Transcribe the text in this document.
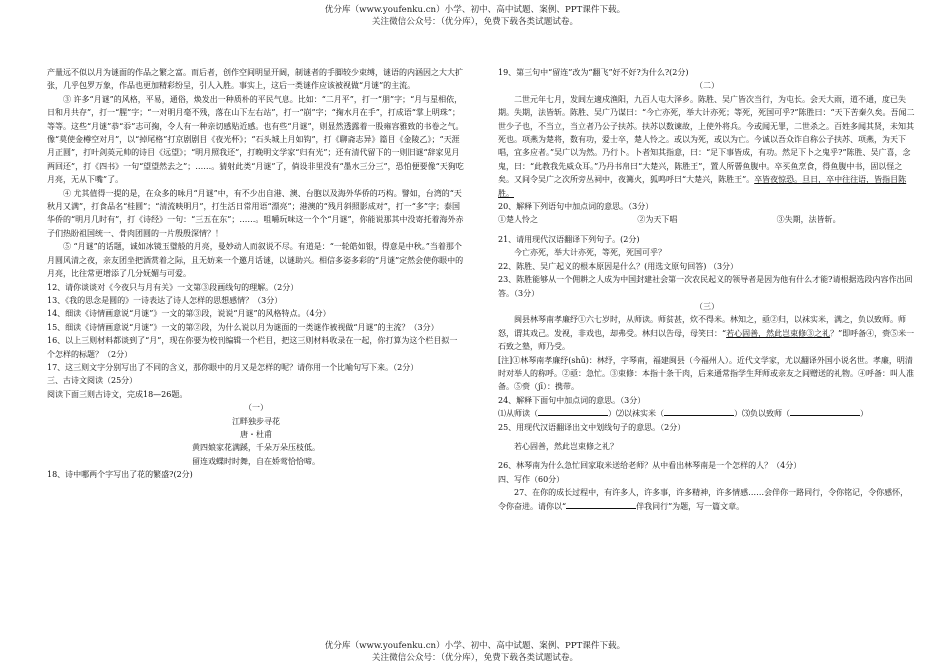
优分库（www.youfenku.cn）小学、初中、高中试题、案例、PPT课件下载。
关注微信公众号：（优分库），免费下载各类试题试卷。

产量远不似以月为谜面的作品之繁之富。而后者，创作空间明显开阔，制谜者的手脚较少束缚，谜语的内涵因之大大扩张，几乎包罗万象，作品也更加精彩纷呈，引人入胜。事实上，这后一类谜作应该被视做“月谜”的主流。

③ 许多“月谜”的风格，平易，通俗，焕发出一种质朴的平民气息。比如：“二月平”，打一“朋”字；“月与星相依，日和月共存”，打一“腥”字；“一对明月毫不残，落在山下左右站”，打一“崩”字；“掬水月在手”，打成语“掌上明珠”；等等。这些“月谜”恭“忝”志可掬，令人有一种亲切感贴近感。也有些“月谜”，则显然透露着一股雍容雅致的书卷之气。像“莫使金樽空对月”，以“掉尾格”打京剧剧目《夜光杯》；“石头城上月如钩”，打《聊斋志异》篇目《金陵乙》；“天涯月正圆”，打叶剑英元帅的诗目《远望》；“明月照我还”，打晚明文学家“归有光”；还有清代留下的一则旧谜“辞家见月两回还”，打《四书》一句“望望然去之”；……。猜射此类“月谜”了，倘设非里没有“墨水三分三”，恐怕便要像“天狗吃月亮，无从下嘴”了。

④ 尤其值得一提的是，在众多的咏月“月谜”中，有不少出自港、澳、台胞以及海外华侨的巧构。譬如，台湾的“天秋月又满”，打食品名“桂圆”；“清流映明月”，打生活日常用语“漂亮”；港澳的“残月斜照影成对”，打一“多”字；泰国华侨的“明月几时有”，打《诗经》一句：“三五在东”；……。咀嚼玩味这一个个“月谜”，你能说那其中没寄托着海外赤子们热盼祖国统一、骨肉团圆的一片殷殷深情？！

⑤ “月谜”的话题，诚如冰镜玉璧般的月亮，曼妙动人而叙说不尽。有道是：“一轮皓如银，得意是中秋。”当着那个月圆风清之夜，亲友团坐把酒赏着之际，且无妨来一个邀月话谜，以谜助兴。相信多姿多彩的“月谜”定然会使你眼中的月亮，比往常更增添了几分妩媚与可爱。

12、请你谈谈对《今夜只与月有关》一文第③段画线句的理解。（2分）

13、《我的思念是圆的》一诗表达了诗人怎样的思想感情？（3分）

14、细读《诗情画意说“月谜”》一文的第③段，说说“月谜”的风格特点。（4分）

15、细读《诗情画意说“月谜”》一文的第②段，为什么说以月为谜面的一类谜作被视做“月谜”的主流？（3分）

16、以上三则材料都谈到了“月”，现在你要为校刊编辑一个栏目，把这三则材料收录在一起，你打算为这个栏目拟一个怎样的标题？（2分）

17、这三则文字分别写出了不同的含义，那你眼中的月又是怎样的呢？请你用一个比喻句写下来。（2分）

三、古诗文阅读（25分）

阅读下面三则古诗文，完成18—26题。

（一）

江畔独步寻花

唐・杜甫

黄四娘家花满蹊，千朵万朵压枝低。

留连戏蝶时时舞，自在娇莺恰恰啼。

18、诗中哪两个字写出了花的繁盛?(2分)

19、第三句中“留连”改为“翻飞”好不好?为什么?(2分)

（二）

二世元年七月，发闾左適戍渔阳，九百人屯大泽乡。陈胜、吴广皆次当行，为屯长。会天大雨，道不通，度已失期。失期，法皆斩。陈胜、吴广乃谋曰：“今亡亦死，举大计亦死；等死，死国可乎?”陈胜曰：“天下苦秦久矣。吾闻二世少子也，不当立，当立者乃公子扶苏。扶苏以数谏故，上使外将兵。今或闻无罪，二世杀之。百姓多闻其贤，未知其死也。项燕为楚将，数有功，爱士卒，楚人怜之。或以为死，或以为亡。今诚以吾众诈自称公子扶苏、项燕，为天下唱，宜多应者。”吴广以为然。乃行卜。卜者知其指意，曰：“足下事皆成，有功。然足下卜之鬼乎?”陈胜、吴广喜，念鬼，曰：“此教我先威众耳。”乃丹书帛曰“大楚兴，陈胜王”，置人所罾鱼腹中。卒买鱼烹食，得鱼腹中书，固以怪之矣。又间令吴广之次所旁丛祠中，夜篝火，狐鸣呼曰“大楚兴，陈胜王”。卒皆夜惊恐。旦日，卒中往往语，皆指目陈胜。

20、解释下列语句中加点词的意思。（3分）

①楚人怜之	②为天下唱	③失期，法皆斩。

21、请用现代汉语翻译下列句子。(2分)

今亡亦死，举大计亦死，等死，死国可乎？

22、陈胜、吴广起义的根本原因是什么？(用选文原句回答) （3分）

23、陈胜能够从一个佣耕之人成为中国封建社会第一次农民起义的领导者是因为他有什么才能?请根据选段内容作出回答。（3分）

（三）

闽县林琴南孝廉纾①六七岁时，从师读。师贫甚，炊不得米。林知之，亟②归，以袜实米，满之，负以致师。师怒，谓其戏己。发视，非戏也，却弗受。林归以告母，母笑曰：“若心固善，然此岂束修③之礼？”即呼备④，赍⑤米一石致之塾，师乃受。

[注]①林琴南孝廉纾(shū)：林纾，字琴南，福建闽县（今福州人）。近代文学家，尤以翻译外国小说名世。孝廉，明清时对举人的称呼。②亟：急忙。③束修：本指十条干肉，后来通常指学生拜师或亲友之间赠送的礼物。④呼备：叫人准备。⑤赍（jī）：携带。

24、解释下面句中加点词的意思。（3分）

⑴从师读（	）⑵以袜实米（	）⑶负以致师（	）

25、用现代汉语翻译出文中划线句子的意思。（2分）

若心固善，然此岂束修之礼？

26、林琴南为什么急忙回家取米送给老师？从中看出林琴南是一个怎样的人？（4分）

四、写作（60分）

27、在你的成长过程中，有许多人，许多事，许多精神，许多情感……会伴你一路同行，令你铭记，令你感怀，令你奋进。请你以“	伴我同行”为题，写一篇文章。

优分库（www.youfenku.cn）小学、初中、高中试题、案例、PPT课件下载。
关注微信公众号：（优分库），免费下载各类试题试卷。
